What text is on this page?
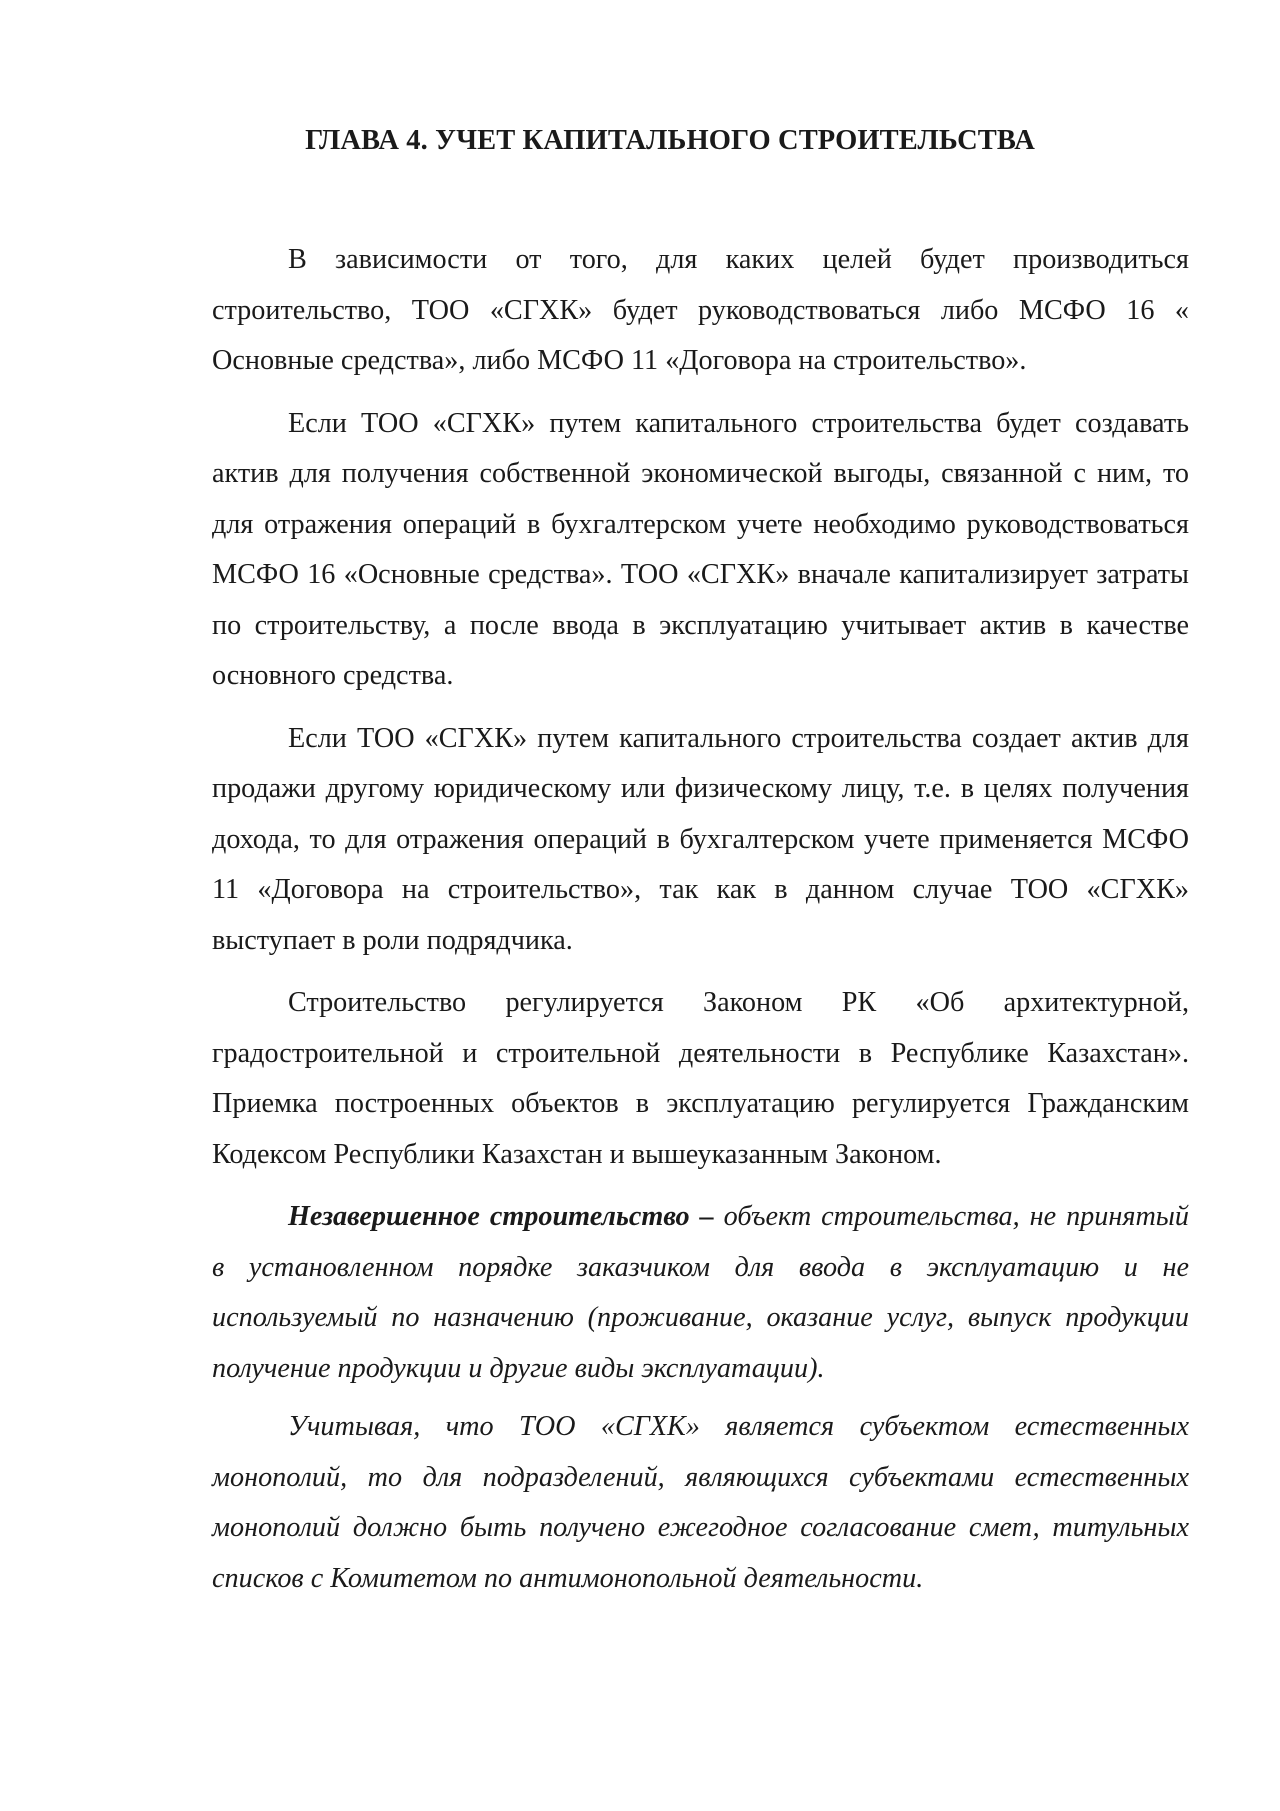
ГЛАВА 4. УЧЕТ КАПИТАЛЬНОГО СТРОИТЕЛЬСТВА

В зависимости от того, для каких целей будет производиться строительство, ТОО «СГХК» будет руководствоваться либо МСФО 16 « Основные средства», либо МСФО 11 «Договора на строительство».

Если ТОО «СГХК» путем капитального строительства будет создавать актив для получения собственной экономической выгоды, связанной с ним, то для отражения операций в бухгалтерском учете необходимо руководствоваться МСФО 16 «Основные средства». ТОО «СГХК» вначале капитализирует затраты по строительству, а после ввода в эксплуатацию учитывает актив в качестве основного средства.

Если ТОО «СГХК» путем капитального строительства создает актив для продажи другому юридическому или физическому лицу, т.е. в целях получения дохода, то для отражения операций в бухгалтерском учете применяется МСФО 11 «Договора на строительство», так как в данном случае ТОО «СГХК» выступает в роли подрядчика.

Строительство регулируется Законом РК «Об архитектурной, градостроительной и строительной деятельности в Республике Казахстан». Приемка построенных объектов в эксплуатацию регулируется Гражданским Кодексом Республики Казахстан и вышеуказанным Законом.

Незавершенное строительство – объект строительства, не принятый в установленном порядке заказчиком для ввода в эксплуатацию и не используемый по назначению (проживание, оказание услуг, выпуск продукции получение продукции и другие виды эксплуатации).

Учитывая, что ТОО «СГХК» является субъектом естественных монополий, то для подразделений, являющихся субъектами естественных монополий должно быть получено ежегодное согласование смет, титульных списков с Комитетом по антимонопольной деятельности.
